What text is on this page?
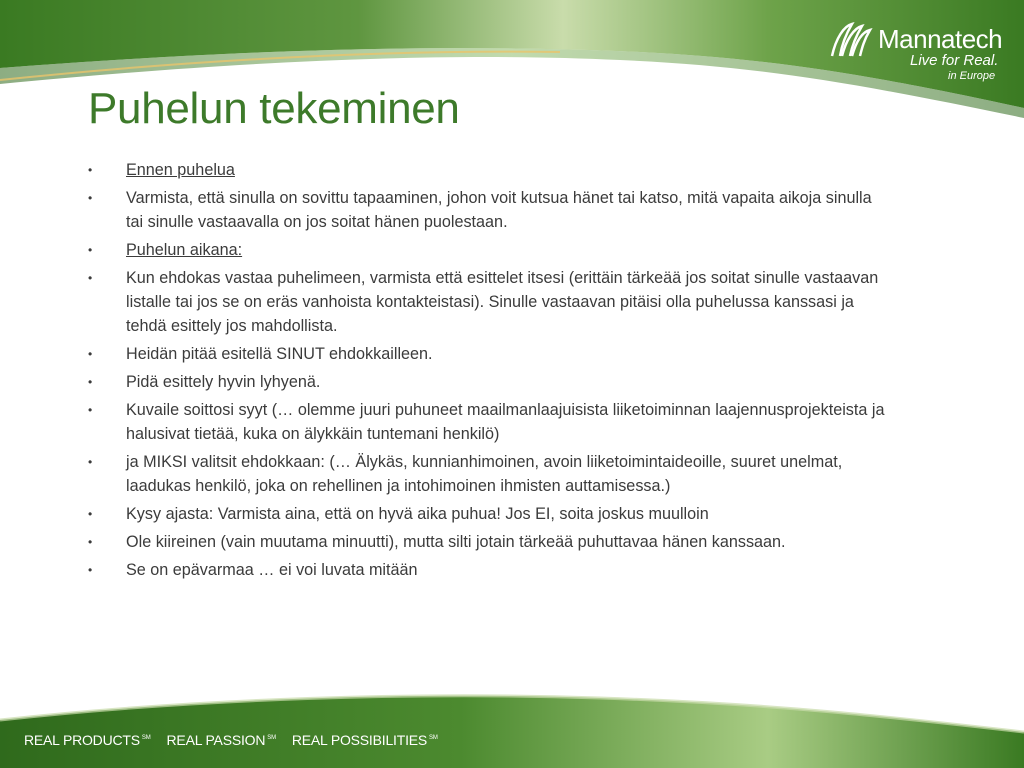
Mannatech
Live for Real.
in Europe
Puhelun tekeminen
• Ennen puhelua
• Varmista, että sinulla on sovittu tapaaminen, johon voit kutsua hänet tai katso, mitä vapaita aikoja sinulla tai sinulle vastaavalla on jos soitat hänen puolestaan.
• Puhelun aikana:
• Kun ehdokas vastaa puhelimeen, varmista että esittelet itsesi (erittäin tärkeää jos soitat sinulle vastaavan listalle tai jos se on eräs vanhoista kontakteistasi). Sinulle vastaavan pitäisi olla puhelussa kanssasi ja tehdä esittely jos mahdollista.
• Heidän pitää esitellä SINUT ehdokkailleen.
• Pidä esittely hyvin lyhyenä.
• Kuvaile soittosi syyt (… olemme juuri puhuneet maailmanlaajuisista liiketoiminnan laajennusprojekteista ja halusivat tietää, kuka on älykkäin tuntemani henkilö)
• ja MIKSI valitsit ehdokkaan: (… Älykäs, kunnianhimoinen, avoin liiketoimintaideoille, suuret unelmat, laadukas henkilö, joka on rehellinen ja intohimoinen ihmisten auttamisessa.)
• Kysy ajasta: Varmista aina, että on hyvä aika puhua! Jos EI, soita joskus muulloin
• Ole kiireinen (vain muutama minuutti), mutta silti jotain tärkeää puhuttavaa hänen kanssaan.
• Se on epävarmaa … ei voi luvata mitään
REAL PRODUCTS ℠ REAL PASSION ℠ REAL POSSIBILITIES ℠
